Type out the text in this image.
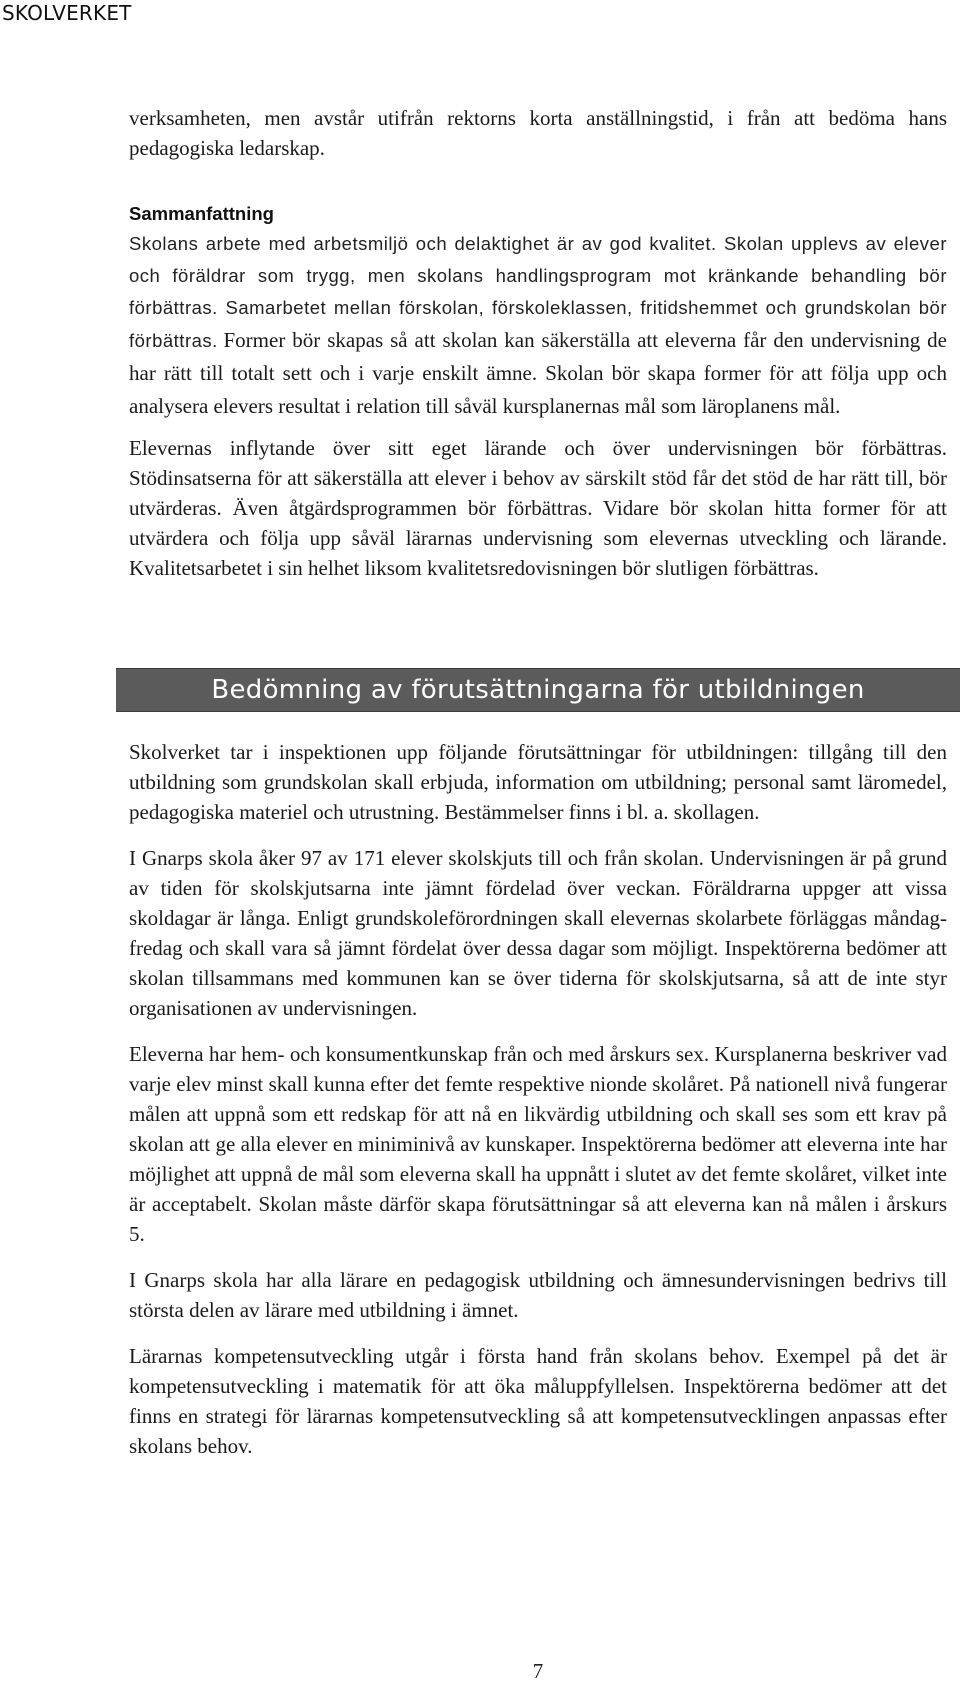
SKOLVERKET

verksamheten, men avstår utifrån rektorns korta anställningstid, i från att bedöma hans pedagogiska ledarskap.

Sammanfattning

Skolans arbete med arbetsmiljö och delaktighet är av god kvalitet. Skolan upplevs av elever och föräldrar som trygg, men skolans handlingsprogram mot kränkande behandling bör förbättras. Samarbetet mellan förskolan, förskoleklassen, fritidshemmet och grundskolan bör förbättras. Former bör skapas så att skolan kan säkerställa att eleverna får den undervisning de har rätt till totalt sett och i varje enskilt ämne. Skolan bör skapa former för att följa upp och analysera elevers resultat i relation till såväl kursplanernas mål som läroplanens mål.

Elevernas inflytande över sitt eget lärande och över undervisningen bör förbättras. Stödinsatserna för att säkerställa att elever i behov av särskilt stöd får det stöd de har rätt till, bör utvärderas. Även åtgärdsprogrammen bör förbättras. Vidare bör skolan hitta former för att utvärdera och följa upp såväl lärarnas undervisning som elevernas utveckling och lärande. Kvalitetsarbetet i sin helhet liksom kvalitetsredovisningen bör slutligen förbättras.

Bedömning av förutsättningarna för utbildningen

Skolverket tar i inspektionen upp följande förutsättningar för utbildningen: tillgång till den utbildning som grundskolan skall erbjuda, information om utbildning; personal samt läromedel, pedagogiska materiel och utrustning. Bestämmelser finns i bl. a. skollagen.

I Gnarps skola åker 97 av 171 elever skolskjuts till och från skolan. Undervisningen är på grund av tiden för skolskjutsarna inte jämnt fördelad över veckan. Föräldrarna uppger att vissa skoldagar är långa. Enligt grundskoleförordningen skall elevernas skolarbete förläggas måndag-fredag och skall vara så jämnt fördelat över dessa dagar som möjligt. Inspektörerna bedömer att skolan tillsammans med kommunen kan se över tiderna för skolskjutsarna, så att de inte styr organisationen av undervisningen.

Eleverna har hem- och konsumentkunskap från och med årskurs sex. Kursplanerna beskriver vad varje elev minst skall kunna efter det femte respektive nionde skolåret. På nationell nivå fungerar målen att uppnå som ett redskap för att nå en likvärdig utbildning och skall ses som ett krav på skolan att ge alla elever en miniminivå av kunskaper. Inspektörerna bedömer att eleverna inte har möjlighet att uppnå de mål som eleverna skall ha uppnått i slutet av det femte skolåret, vilket inte är acceptabelt. Skolan måste därför skapa förutsättningar så att eleverna kan nå målen i årskurs 5.

I Gnarps skola har alla lärare en pedagogisk utbildning och ämnesundervisningen bedrivs till största delen av lärare med utbildning i ämnet.

Lärarnas kompetensutveckling utgår i första hand från skolans behov. Exempel på det är kompetensutveckling i matematik för att öka måluppfyllelsen. Inspektörerna bedömer att det finns en strategi för lärarnas kompetensutveckling så att kompetensutvecklingen anpassas efter skolans behov.

7
